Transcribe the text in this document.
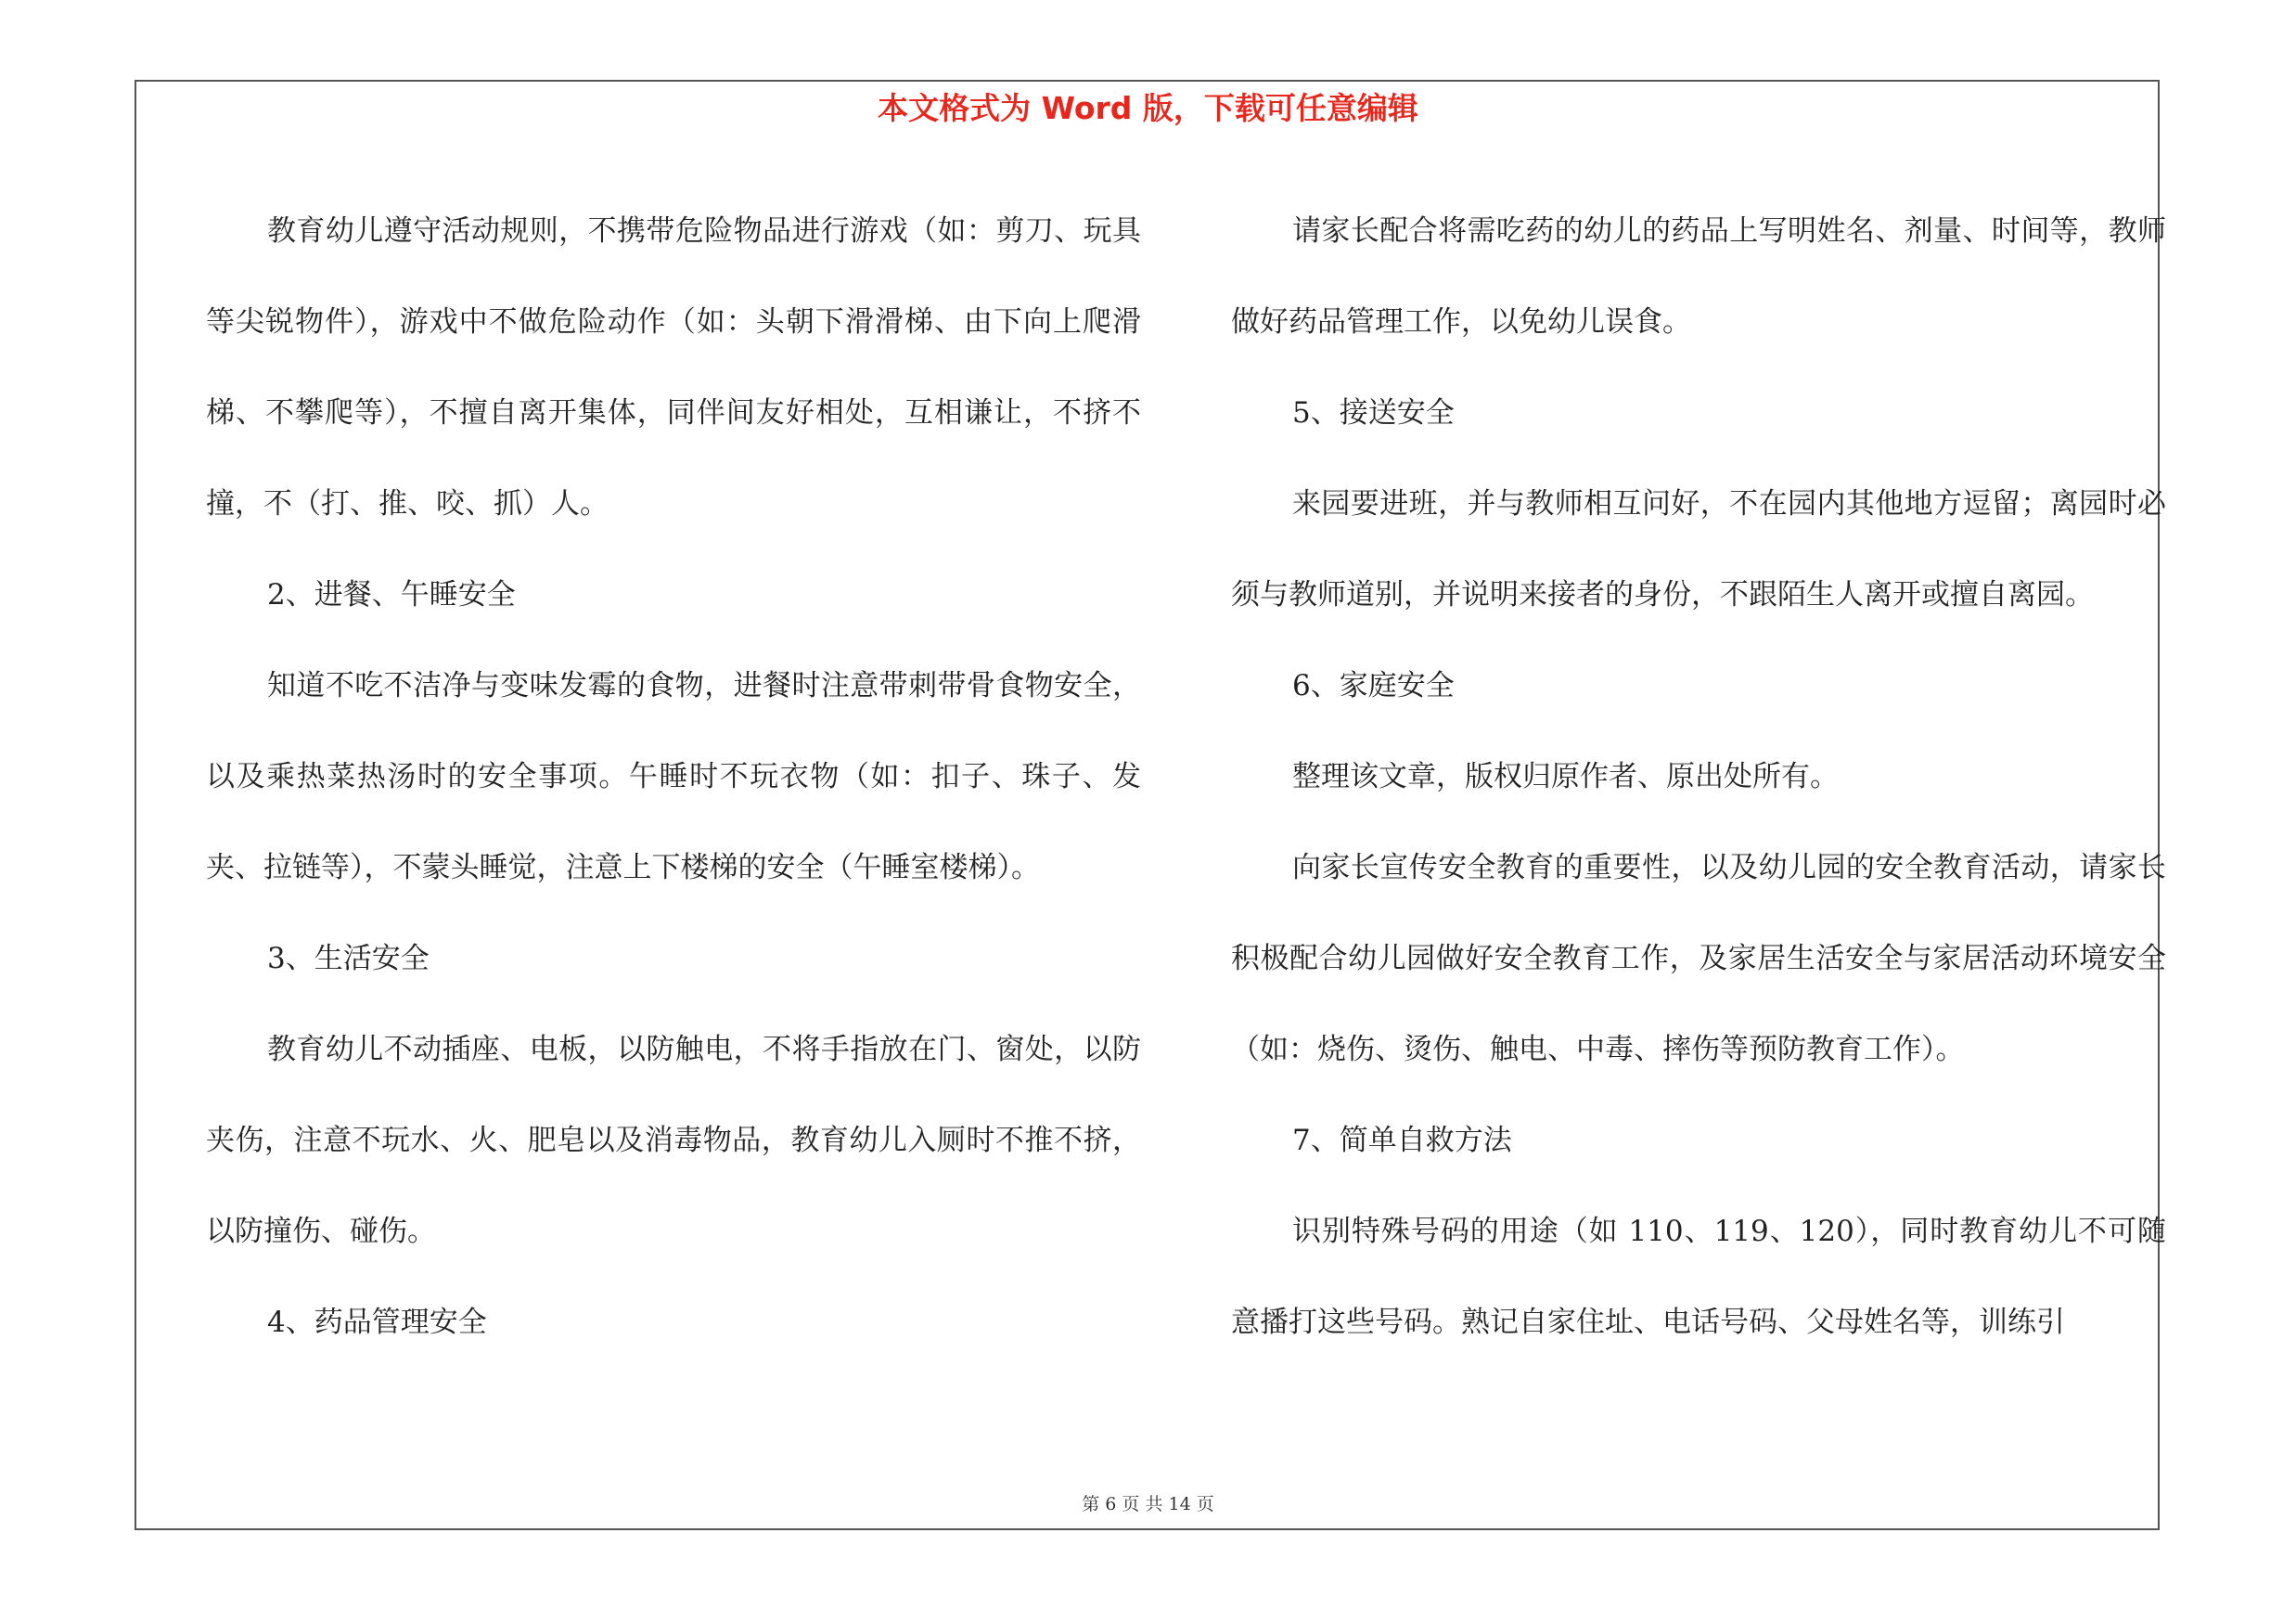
本文格式为 Word 版，下载可任意编辑

教育幼儿遵守活动规则，不携带危险物品进行游戏（如：剪刀、玩具等尖锐物件），游戏中不做危险动作（如：头朝下滑滑梯、由下向上爬滑梯、不攀爬等），不擅自离开集体，同伴间友好相处，互相谦让，不挤不撞，不（打、推、咬、抓）人。

2、进餐、午睡安全

知道不吃不洁净与变味发霉的食物，进餐时注意带刺带骨食物安全，以及乘热菜热汤时的安全事项。午睡时不玩衣物（如：扣子、珠子、发夹、拉链等），不蒙头睡觉，注意上下楼梯的安全（午睡室楼梯）。

3、生活安全

教育幼儿不动插座、电板，以防触电，不将手指放在门、窗处，以防夹伤，注意不玩水、火、肥皂以及消毒物品，教育幼儿入厕时不推不挤，以防撞伤、碰伤。

4、药品管理安全

请家长配合将需吃药的幼儿的药品上写明姓名、剂量、时间等，教师做好药品管理工作，以免幼儿误食。

5、接送安全

来园要进班，并与教师相互问好，不在园内其他地方逗留；离园时必须与教师道别，并说明来接者的身份，不跟陌生人离开或擅自离园。

6、家庭安全

整理该文章，版权归原作者、原出处所有。

向家长宣传安全教育的重要性，以及幼儿园的安全教育活动，请家长积极配合幼儿园做好安全教育工作，及家居生活安全与家居活动环境安全（如：烧伤、烫伤、触电、中毒、摔伤等预防教育工作）。

7、简单自救方法

识别特殊号码的用途（如 110、119、120），同时教育幼儿不可随意播打这些号码。熟记自家住址、电话号码、父母姓名等，训练引

第 6 页 共 14 页
